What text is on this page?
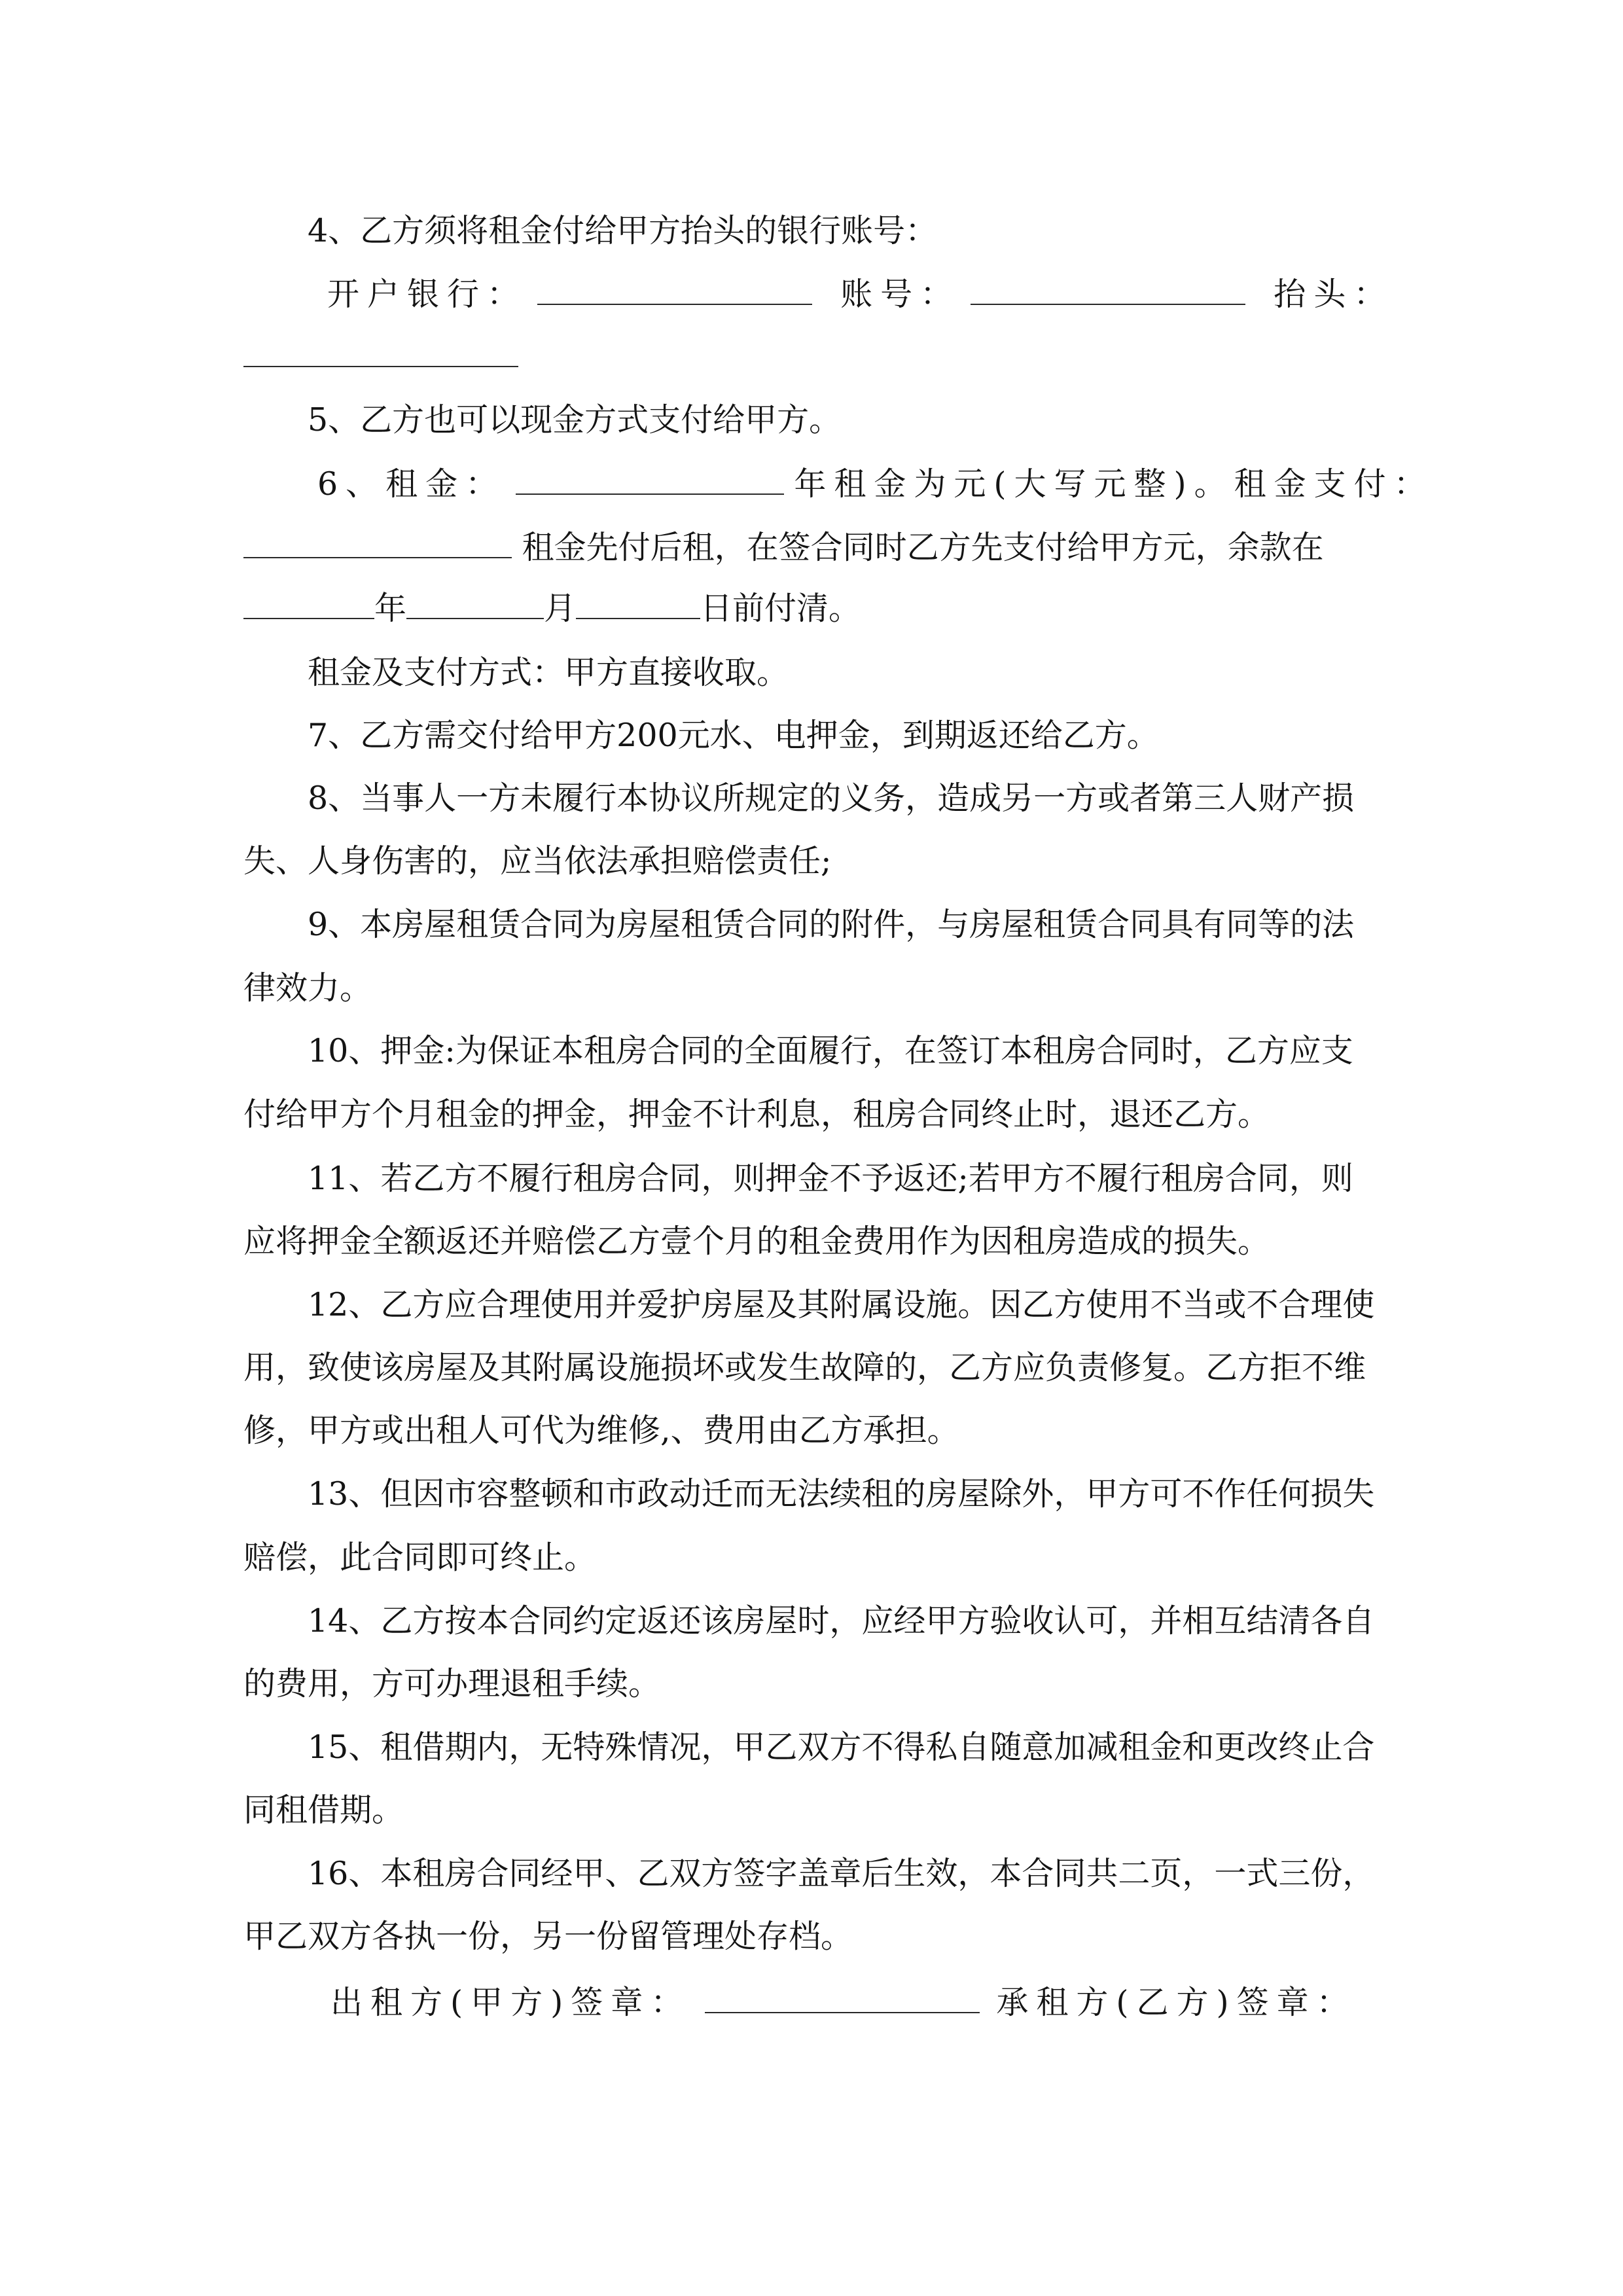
4、乙方须将租金付给甲方抬头的银行账号：
开户银行：	账号：	抬头：
5、乙方也可以现金方式支付给甲方。
6、租金：	年租金为元(大写元整)。租金支付：
租金先付后租，在签合同时乙方先支付给甲方元，余款在
年	月	日前付清。
租金及支付方式：甲方直接收取。
7、乙方需交付给甲方200元水、电押金，到期返还给乙方。
8、当事人一方未履行本协议所规定的义务，造成另一方或者第三人财产损
失、人身伤害的，应当依法承担赔偿责任;
9、本房屋租赁合同为房屋租赁合同的附件，与房屋租赁合同具有同等的法
律效力。
10、押金:为保证本租房合同的全面履行，在签订本租房合同时，乙方应支
付给甲方个月租金的押金，押金不计利息，租房合同终止时，退还乙方。
11、若乙方不履行租房合同，则押金不予返还;若甲方不履行租房合同，则
应将押金全额返还并赔偿乙方壹个月的租金费用作为因租房造成的损失。
12、乙方应合理使用并爱护房屋及其附属设施。因乙方使用不当或不合理使
用，致使该房屋及其附属设施损坏或发生故障的，乙方应负责修复。乙方拒不维
修，甲方或出租人可代为维修,、费用由乙方承担。
13、但因市容整顿和市政动迁而无法续租的房屋除外，甲方可不作任何损失
赔偿，此合同即可终止。
14、乙方按本合同约定返还该房屋时，应经甲方验收认可，并相互结清各自
的费用，方可办理退租手续。
15、租借期内，无特殊情况，甲乙双方不得私自随意加减租金和更改终止合
同租借期。
16、本租房合同经甲、乙双方签字盖章后生效，本合同共二页，一式三份，
甲乙双方各执一份，另一份留管理处存档。
出租方(甲方)签章：	承租方(乙方)签章：
